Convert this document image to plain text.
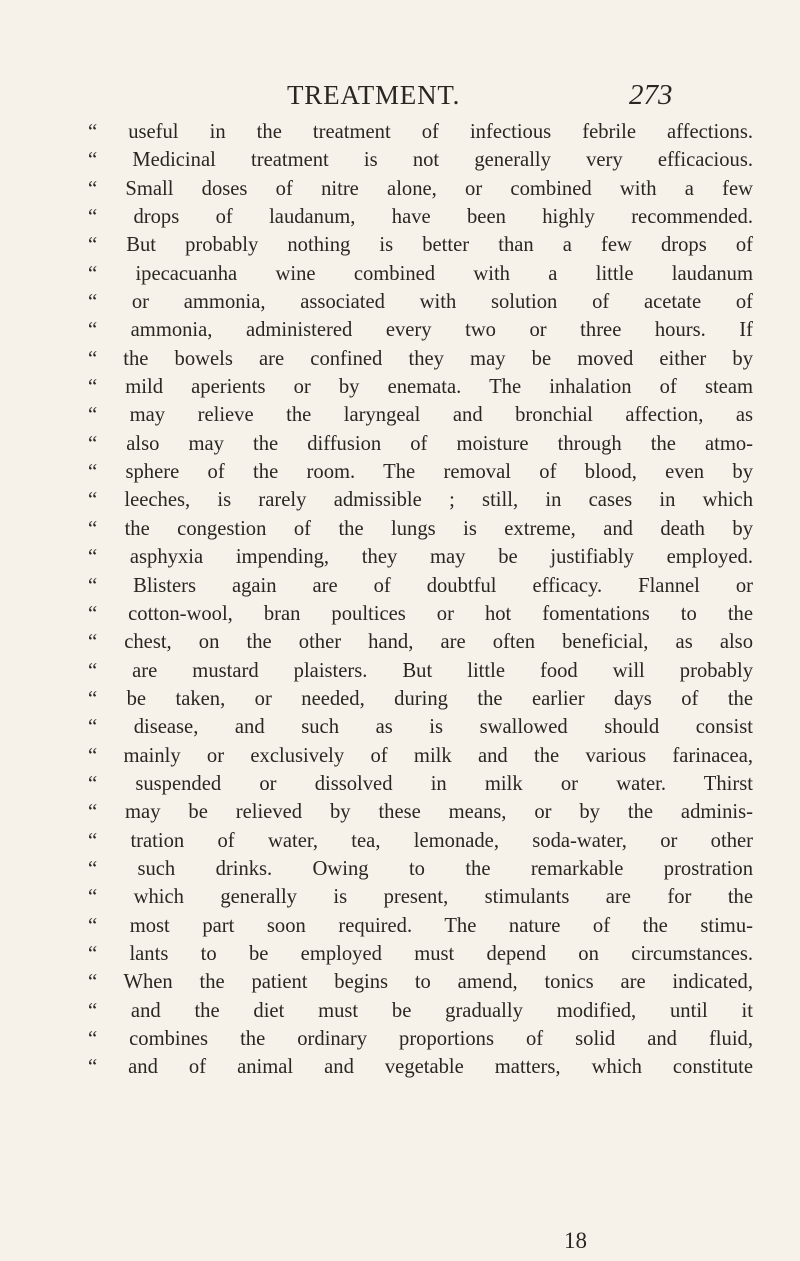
TREATMENT.	273
“ useful in the treatment of infectious febrile affections.
“ Medicinal treatment is not generally very efficacious.
“ Small doses of nitre alone, or combined with a few
“ drops of laudanum, have been highly recommended.
“ But probably nothing is better than a few drops of
“ ipecacuanha wine combined with a little laudanum
“ or ammonia, associated with solution of acetate of
“ ammonia, administered every two or three hours. If
“ the bowels are confined they may be moved either by
“ mild aperients or by enemata. The inhalation of steam
“ may relieve the laryngeal and bronchial affection, as
“ also may the diffusion of moisture through the atmo-
“ sphere of the room. The removal of blood, even by
“ leeches, is rarely admissible ; still, in cases in which
“ the congestion of the lungs is extreme, and death by
“ asphyxia impending, they may be justifiably employed.
“ Blisters again are of doubtful efficacy. Flannel or
“ cotton-wool, bran poultices or hot fomentations to the
“ chest, on the other hand, are often beneficial, as also
“ are mustard plaisters. But little food will probably
“ be taken, or needed, during the earlier days of the
“ disease, and such as is swallowed should consist
“ mainly or exclusively of milk and the various farinacea,
“ suspended or dissolved in milk or water. Thirst
“ may be relieved by these means, or by the adminis-
“ tration of water, tea, lemonade, soda-water, or other
“ such drinks. Owing to the remarkable prostration
“ which generally is present, stimulants are for the
“ most part soon required. The nature of the stimu-
“ lants to be employed must depend on circumstances.
“ When the patient begins to amend, tonics are indicated,
“ and the diet must be gradually modified, until it
“ combines the ordinary proportions of solid and fluid,
“ and of animal and vegetable matters, which constitute
18
